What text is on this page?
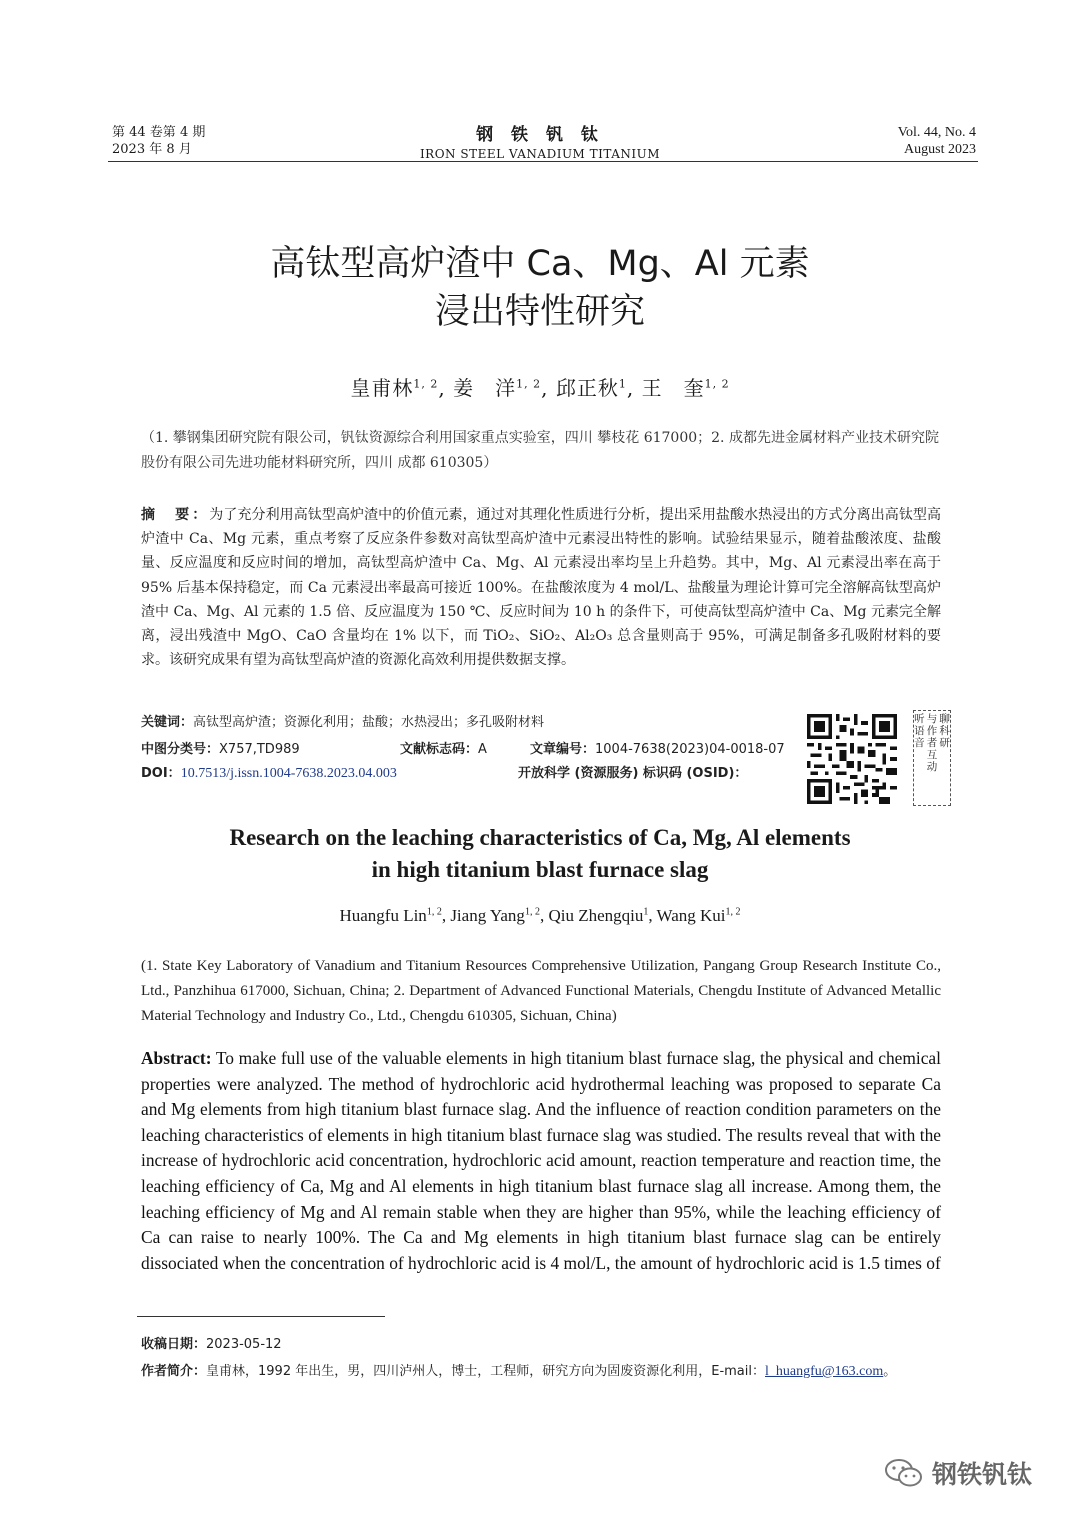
第 44 卷第 4 期
2023 年 8 月
钢 铁 钒 钛
IRON STEEL VANADIUM TITANIUM
Vol. 44, No. 4
August 2023
高钛型高炉渣中 Ca、Mg、Al 元素
浸出特性研究
皇甫林$^{1, 2}$, 姜　洋$^{1, 2}$, 邱正秋$^1$, 王　奎$^{1, 2}$
（1. 攀钢集团研究院有限公司，钒钛资源综合利用国家重点实验室，四川 攀枝花 617000；2. 成都先进金属材料产业技术研究院股份有限公司先进功能材料研究所，四川 成都 610305）
摘　要：为了充分利用高钛型高炉渣中的价值元素，通过对其理化性质进行分析，提出采用盐酸水热浸出的方式分离出高钛型高炉渣中 Ca、Mg 元素，重点考察了反应条件参数对高钛型高炉渣中元素浸出特性的影响。试验结果显示，随着盐酸浓度、盐酸量、反应温度和反应时间的增加，高钛型高炉渣中 Ca、Mg、Al 元素浸出率均呈上升趋势。其中，Mg、Al 元素浸出率在高于 95% 后基本保持稳定，而 Ca 元素浸出率最高可接近 100%。在盐酸浓度为 4 mol/L、盐酸量为理论计算可完全溶解高钛型高炉渣中 Ca、Mg、Al 元素的 1.5 倍、反应温度为 150 ℃、反应时间为 10 h 的条件下，可使高钛型高炉渣中 Ca、Mg 元素完全解离，浸出残渣中 MgO、CaO 含量均在 1% 以下，而 TiO₂、SiO₂、Al₂O₃ 总含量则高于 95%，可满足制备多孔吸附材料的要求。该研究成果有望为高钛型高炉渣的资源化高效利用提供数据支撑。
关键词：高钛型高炉渣；资源化利用；盐酸；水热浸出；多孔吸附材料
中图分类号：X757,TD989	文献标志码：A	文章编号：1004-7638(2023)04-0018-07
DOI：10.7513/j.issn.1004-7638.2023.04.003	开放科学 (资源服务) 标识码 (OSID)：
听语音
与作者互动
聊科研
Research on the leaching characteristics of Ca, Mg, Al elements
in high titanium blast furnace slag
Huangfu Lin$^{1, 2}$, Jiang Yang$^{1, 2}$, Qiu Zhengqiu$^1$, Wang Kui$^{1, 2}$
(1. State Key Laboratory of Vanadium and Titanium Resources Comprehensive Utilization, Pangang Group Research Institute Co., Ltd., Panzhihua 617000, Sichuan, China; 2. Department of Advanced Functional Materials, Chengdu Institute of Advanced Metallic Material Technology and Industry Co., Ltd., Chengdu 610305, Sichuan, China)
Abstract: To make full use of the valuable elements in high titanium blast furnace slag, the physical and chemical properties were analyzed. The method of hydrochloric acid hydrothermal leaching was proposed to separate Ca and Mg elements from high titanium blast furnace slag. And the influence of reaction condition parameters on the leaching characteristics of elements in high titanium blast furnace slag was studied. The results reveal that with the increase of hydrochloric acid concentration, hydrochloric acid amount, reaction temperature and reaction time, the leaching efficiency of Ca, Mg and Al elements in high titanium blast furnace slag all increase. Among them, the leaching efficiency of Mg and Al remain stable when they are higher than 95%, while the leaching efficiency of Ca can raise to nearly 100%. The Ca and Mg elements in high titanium blast furnace slag can be entirely dissociated when the concentration of hydrochloric acid is 4 mol/L, the amount of hydrochloric acid is 1.5 times of
收稿日期：2023-05-12
作者简介：皇甫林，1992 年出生，男，四川泸州人，博士，工程师，研究方向为固废资源化利用，E-mail：l_huangfu@163.com。
钢铁钒钛
